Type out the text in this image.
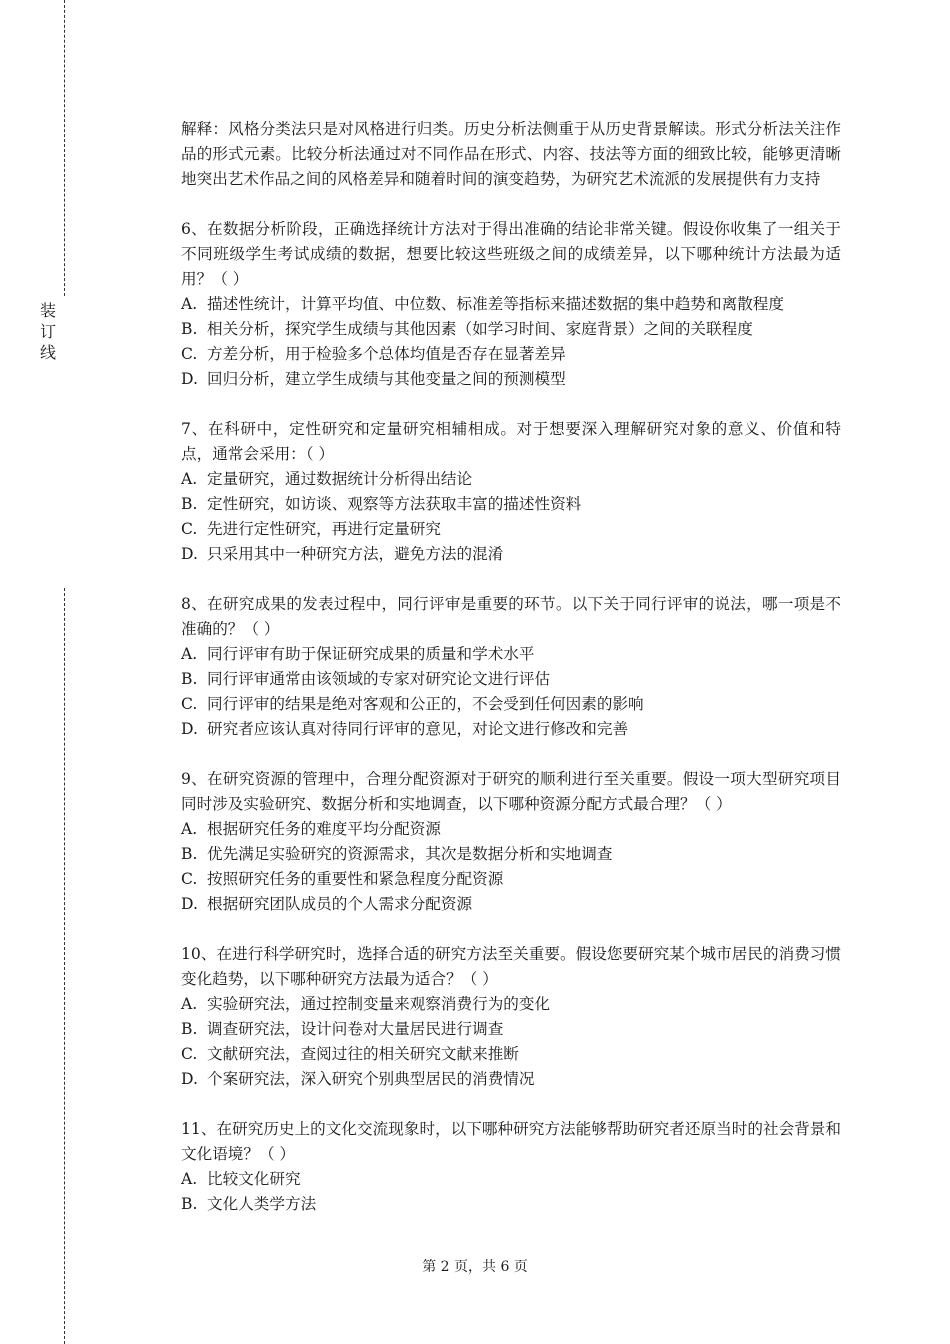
装
订
线

解释：风格分类法只是对风格进行归类。历史分析法侧重于从历史背景解读。形式分析法关注作品的形式元素。比较分析法通过对不同作品在形式、内容、技法等方面的细致比较，能够更清晰地突出艺术作品之间的风格差异和随着时间的演变趋势，为研究艺术流派的发展提供有力支持

6、在数据分析阶段，正确选择统计方法对于得出准确的结论非常关键。假设你收集了一组关于不同班级学生考试成绩的数据，想要比较这些班级之间的成绩差异，以下哪种统计方法最为适用？（ ）

A. 描述性统计，计算平均值、中位数、标准差等指标来描述数据的集中趋势和离散程度
B. 相关分析，探究学生成绩与其他因素（如学习时间、家庭背景）之间的关联程度
C. 方差分析，用于检验多个总体均值是否存在显著差异
D. 回归分析，建立学生成绩与其他变量之间的预测模型

7、在科研中，定性研究和定量研究相辅相成。对于想要深入理解研究对象的意义、价值和特点，通常会采用：（ ）

A. 定量研究，通过数据统计分析得出结论
B. 定性研究，如访谈、观察等方法获取丰富的描述性资料
C. 先进行定性研究，再进行定量研究
D. 只采用其中一种研究方法，避免方法的混淆

8、在研究成果的发表过程中，同行评审是重要的环节。以下关于同行评审的说法，哪一项是不准确的？（ ）

A. 同行评审有助于保证研究成果的质量和学术水平
B. 同行评审通常由该领域的专家对研究论文进行评估
C. 同行评审的结果是绝对客观和公正的，不会受到任何因素的影响
D. 研究者应该认真对待同行评审的意见，对论文进行修改和完善

9、在研究资源的管理中，合理分配资源对于研究的顺利进行至关重要。假设一项大型研究项目同时涉及实验研究、数据分析和实地调查，以下哪种资源分配方式最合理？（ ）

A. 根据研究任务的难度平均分配资源
B. 优先满足实验研究的资源需求，其次是数据分析和实地调查
C. 按照研究任务的重要性和紧急程度分配资源
D. 根据研究团队成员的个人需求分配资源

10、在进行科学研究时，选择合适的研究方法至关重要。假设您要研究某个城市居民的消费习惯变化趋势，以下哪种研究方法最为适合？（ ）

A. 实验研究法，通过控制变量来观察消费行为的变化
B. 调查研究法，设计问卷对大量居民进行调查
C. 文献研究法，查阅过往的相关研究文献来推断
D. 个案研究法，深入研究个别典型居民的消费情况

11、在研究历史上的文化交流现象时，以下哪种研究方法能够帮助研究者还原当时的社会背景和文化语境？（ ）

A. 比较文化研究
B. 文化人类学方法
第 2 页，共 6 页
